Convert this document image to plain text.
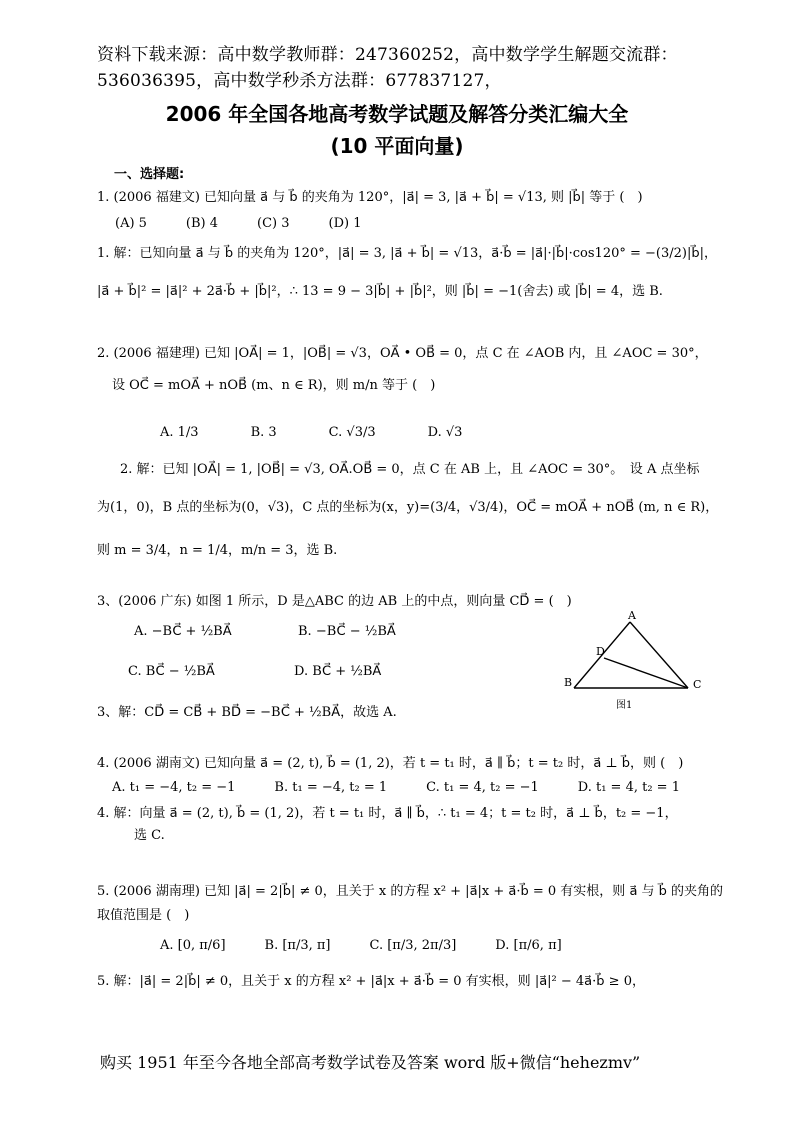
资料下载来源：高中数学教师群：247360252，高中数学学生解题交流群：
536036395，高中数学秒杀方法群：677837127，
2006 年全国各地高考数学试题及解答分类汇编大全
(10 平面向量)
一、选择题:
1. (2006 福建文) 已知向量 a⃗ 与 b⃗ 的夹角为 120°，|a⃗| = 3, |a⃗ + b⃗| = √13, 则 |b⃗| 等于 (　)
(A) 5　　　(B) 4　　　(C) 3　　　(D) 1
1. 解：已知向量 a⃗ 与 b⃗ 的夹角为 120°，|a⃗| = 3, |a⃗ + b⃗| = √13，a⃗·b⃗ = |a⃗|·|b⃗|·cos120° = −(3/2)|b⃗|，
|a⃗ + b⃗|² = |a⃗|² + 2a⃗·b⃗ + |b⃗|²，∴ 13 = 9 − 3|b⃗| + |b⃗|²，则 |b⃗| = −1(舍去) 或 |b⃗| = 4，选 B.
2. (2006 福建理) 已知 |OA⃗| = 1，|OB⃗| = √3，OA⃗ • OB⃗ = 0，点 C 在 ∠AOB 内，且 ∠AOC = 30°，
设 OC⃗ = mOA⃗ + nOB⃗ (m、n ∈ R)，则 m/n 等于 (　)
A. 1/3　　　　B. 3　　　　C. √3/3　　　　D. √3
2. 解：已知 |OA⃗| = 1, |OB⃗| = √3, OA⃗.OB⃗ = 0，点 C 在 AB 上，且 ∠AOC = 30°。　设 A 点坐标
为(1，0)，B 点的坐标为(0，√3)，C 点的坐标为(x，y)=(3/4，√3/4)，OC⃗ = mOA⃗ + nOB⃗ (m, n ∈ R)，
则 m = 3/4，n = 1/4，m/n = 3，选 B.
3、(2006 广东) 如图 1 所示，D 是△ABC 的边 AB 上的中点，则向量 CD⃗ = (　)
A. −BC⃗ + ½BA⃗	B. −BC⃗ − ½BA⃗
C. BC⃗ − ½BA⃗	D. BC⃗ + ½BA⃗
3、解：CD⃗ = CB⃗ + BD⃗ = −BC⃗ + ½BA⃗，故选 A.
A
B	C
D
图1
4. (2006 湖南文) 已知向量 a⃗ = (2, t), b⃗ = (1, 2)，若 t = t₁ 时，a⃗ ∥ b⃗；t = t₂ 时，a⃗ ⊥ b⃗，则 (　)
A. t₁ = −4, t₂ = −1　　　B. t₁ = −4, t₂ = 1　　　C. t₁ = 4, t₂ = −1　　　D. t₁ = 4, t₂ = 1
4. 解：向量 a⃗ = (2, t), b⃗ = (1, 2)，若 t = t₁ 时，a⃗ ∥ b⃗，∴ t₁ = 4；t = t₂ 时，a⃗ ⊥ b⃗，t₂ = −1，
选 C.
5. (2006 湖南理) 已知 |a⃗| = 2|b⃗| ≠ 0，且关于 x 的方程 x² + |a⃗|x + a⃗·b⃗ = 0 有实根，则 a⃗ 与 b⃗ 的夹角的
取值范围是 (　)
A. [0, π/6]　　　B. [π/3, π]　　　C. [π/3, 2π/3]　　　D. [π/6, π]
5. 解：|a⃗| = 2|b⃗| ≠ 0，且关于 x 的方程 x² + |a⃗|x + a⃗·b⃗ = 0 有实根，则 |a⃗|² − 4a⃗·b⃗ ≥ 0，
购买 1951 年至今各地全部高考数学试卷及答案 word 版+微信“hehezmv”
